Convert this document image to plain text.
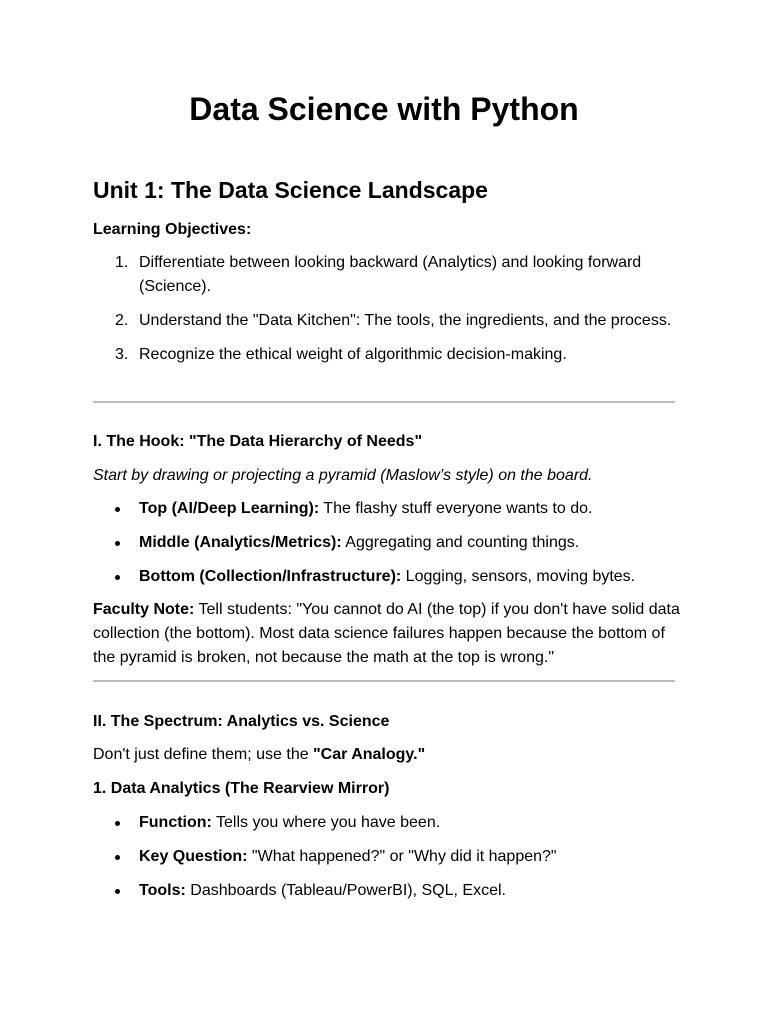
Data Science with Python
Unit 1: The Data Science Landscape

Learning Objectives:

1. Differentiate between looking backward (Analytics) and looking forward (Science).
2. Understand the "Data Kitchen": The tools, the ingredients, and the process.
3. Recognize the ethical weight of algorithmic decision-making.

I. The Hook: "The Data Hierarchy of Needs"

Start by drawing or projecting a pyramid (Maslow’s style) on the board.

Top (AI/Deep Learning): The flashy stuff everyone wants to do.
Middle (Analytics/Metrics): Aggregating and counting things.
Bottom (Collection/Infrastructure): Logging, sensors, moving bytes.

Faculty Note: Tell students: "You cannot do AI (the top) if you don't have solid data collection (the bottom). Most data science failures happen because the bottom of the pyramid is broken, not because the math at the top is wrong."

II. The Spectrum: Analytics vs. Science

Don't just define them; use the "Car Analogy."

1. Data Analytics (The Rearview Mirror)

Function: Tells you where you have been.
Key Question: "What happened?" or "Why did it happen?"
Tools: Dashboards (Tableau/PowerBI), SQL, Excel.
